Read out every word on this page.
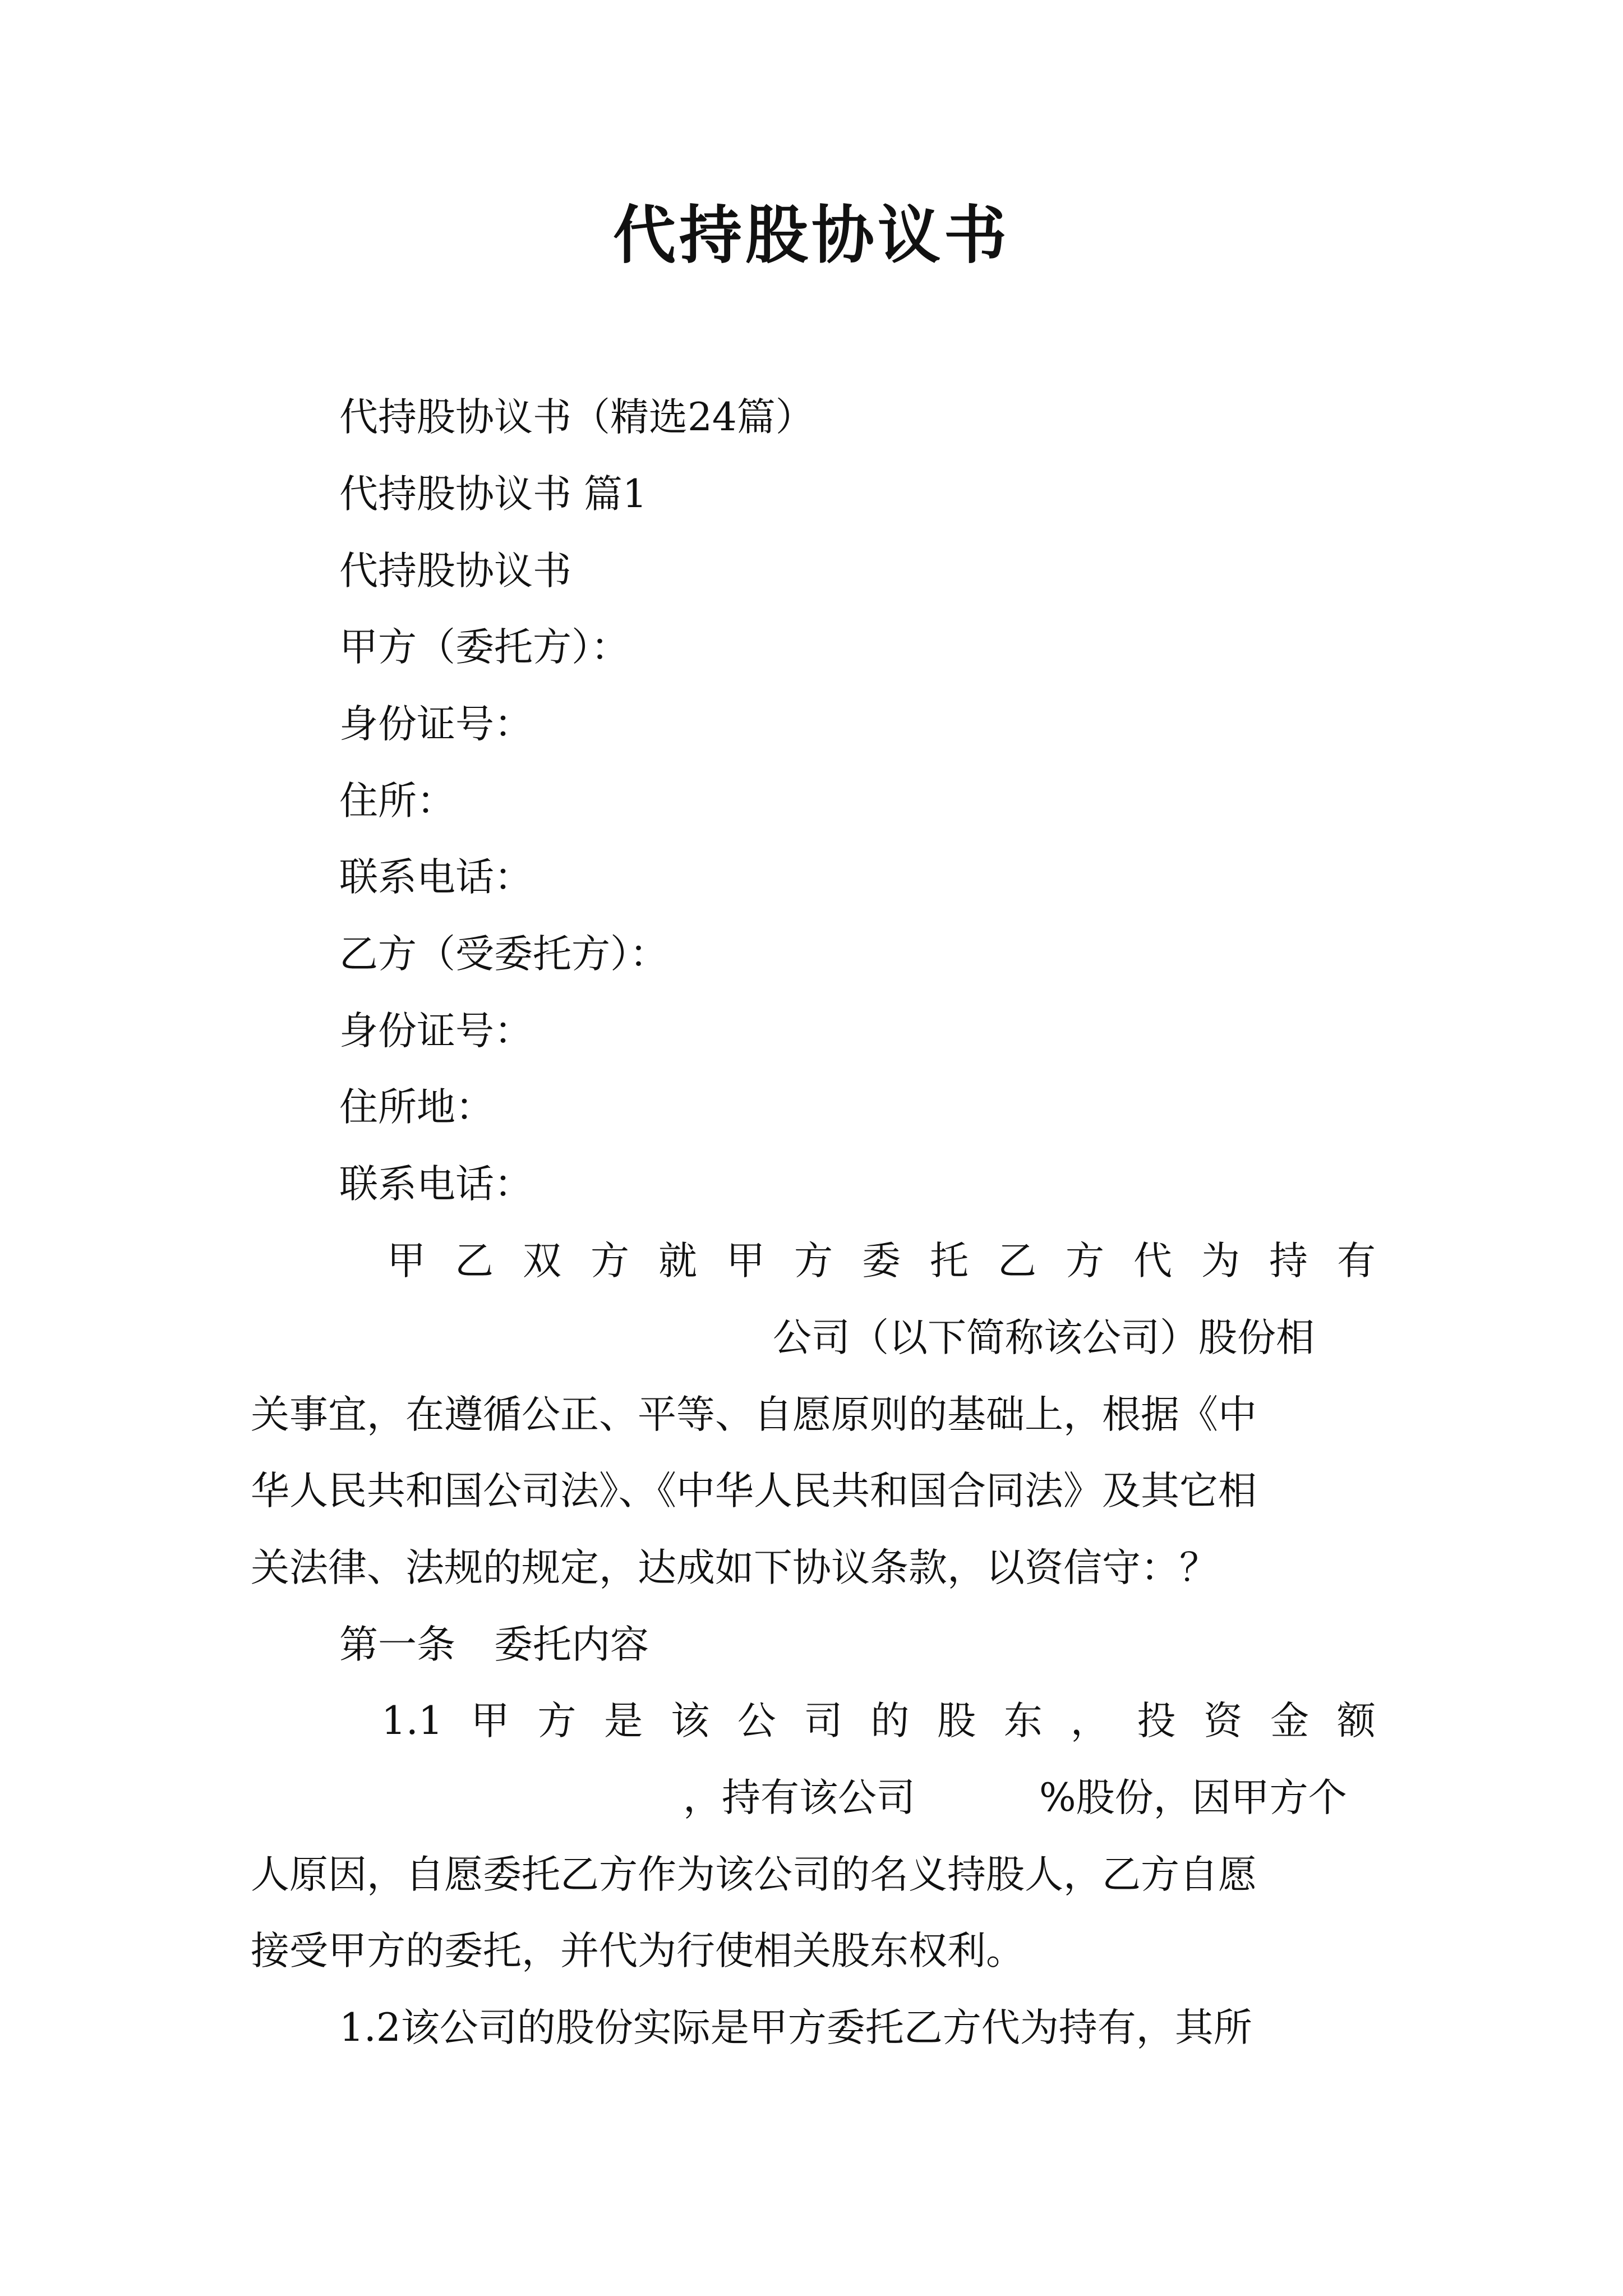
代持股协议书

代持股协议书（精选24篇）

代持股协议书 篇1

代持股协议书

甲方（委托方）：

身份证号：

住所：

联系电话：

乙方（受委托方）：

身份证号：

住所地：

联系电话：

甲 乙 双 方 就 甲 方 委 托 乙 方 代 为 持 有

公司（以下简称该公司）股份相

关事宜，在遵循公正、平等、自愿原则的基础上，根据《中

华人民共和国公司法》、《中华人民共和国合同法》及其它相

关法律、法规的规定，达成如下协议条款，以资信守：？

第一条　委托内容

1.1 甲 方 是 该 公 司 的 股 东 ， 投 资 金 额

，持有该公司	%股份，因甲方个

人原因，自愿委托乙方作为该公司的名义持股人，乙方自愿

接受甲方的委托，并代为行使相关股东权利。

1.2该公司的股份实际是甲方委托乙方代为持有，其所
